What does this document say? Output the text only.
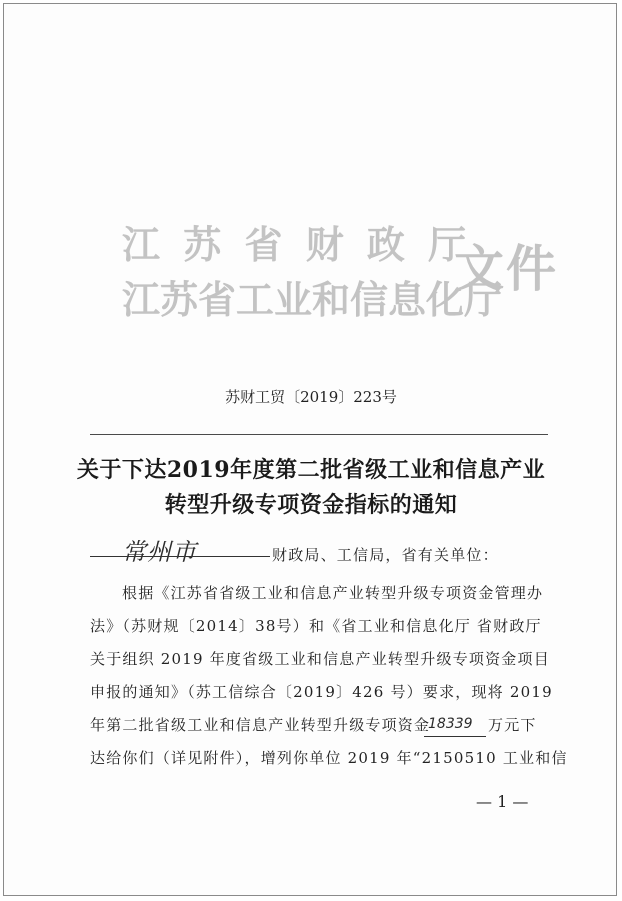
江 苏 省 财 政 厅
江苏省工业和信息化厅
文件
苏财工贸〔2019〕223号
关于下达2019年度第二批省级工业和信息产业
转型升级专项资金指标的通知
常州市	财政局、工信局，省有关单位：
根据《江苏省省级工业和信息产业转型升级专项资金管理办
法》（苏财规〔2014〕38号）和《省工业和信息化厅 省财政厅
关于组织 2019 年度省级工业和信息产业转型升级专项资金项目
申报的通知》（苏工信综合〔2019〕426 号）要求，现将 2019
年第二批省级工业和信息产业转型升级专项资金
18339 万元下
达给你们（详见附件），增列你单位 2019 年“2150510 工业和信
— 1 —
